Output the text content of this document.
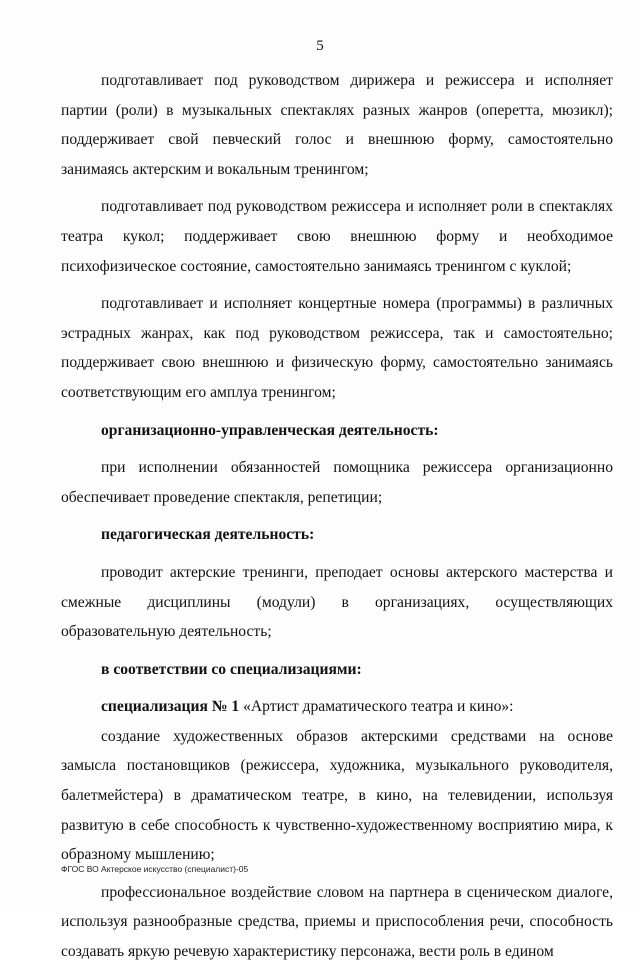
5

подготавливает под руководством дирижера и режиссера и исполняет партии (роли) в музыкальных спектаклях разных жанров (оперетта, мюзикл); поддерживает свой певческий голос и внешнюю форму, самостоятельно занимаясь актерским и вокальным тренингом;

подготавливает под руководством режиссера и исполняет роли в спектаклях театра кукол; поддерживает свою внешнюю форму и необходимое психофизическое состояние, самостоятельно занимаясь тренингом с куклой;

подготавливает и исполняет концертные номера (программы) в различных эстрадных жанрах, как под руководством режиссера, так и самостоятельно; поддерживает свою внешнюю и физическую форму, самостоятельно занимаясь соответствующим его амплуа тренингом;

организационно-управленческая деятельность:

при исполнении обязанностей помощника режиссера организационно обеспечивает проведение спектакля, репетиции;

педагогическая деятельность:

проводит актерские тренинги, преподает основы актерского мастерства и смежные дисциплины (модули) в организациях, осуществляющих образовательную деятельность;

в соответствии со специализациями:

специализация № 1 «Артист драматического театра и кино»:

создание художественных образов актерскими средствами на основе замысла постановщиков (режиссера, художника, музыкального руководителя, балетмейстера) в драматическом театре, в кино, на телевидении, используя развитую в себе способность к чувственно-художественному восприятию мира, к образному мышлению;

профессиональное воздействие словом на партнера в сценическом диалоге, используя разнообразные средства, приемы и приспособления речи, способность создавать яркую речевую характеристику персонажа, вести роль в едином

ФГОС ВО Актерское искусство (специалист)-05
